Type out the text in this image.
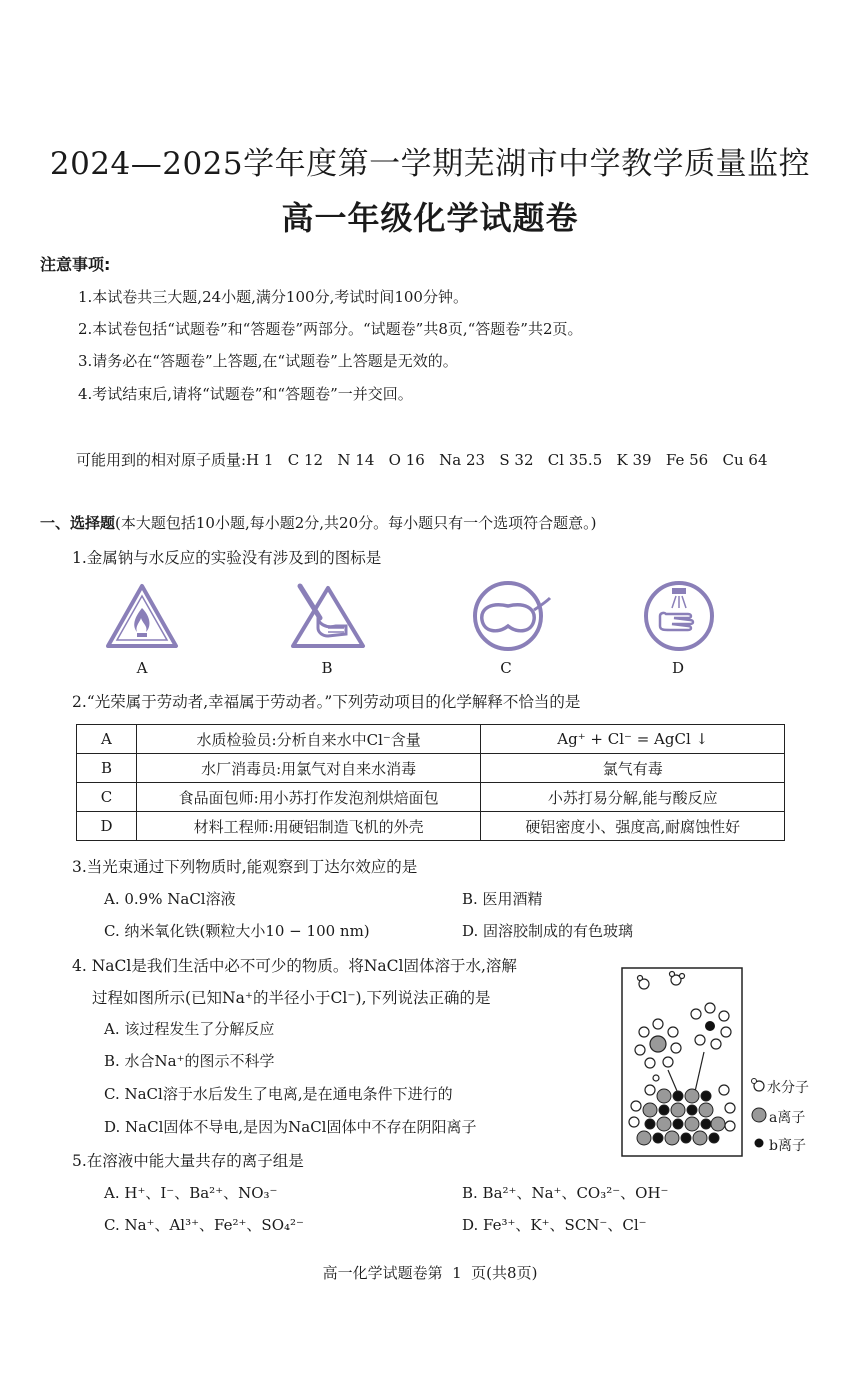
2024—2025学年度第一学期芜湖市中学教学质量监控
高一年级化学试题卷
注意事项:
1.本试卷共三大题,24小题,满分100分,考试时间100分钟。
2.本试卷包括“试题卷”和“答题卷”两部分。“试题卷”共8页,“答题卷”共2页。
3.请务必在“答题卷”上答题,在“试题卷”上答题是无效的。
4.考试结束后,请将“试题卷”和“答题卷”一并交回。
可能用到的相对原子质量:H 1   C 12   N 14   O 16   Na 23   S 32   Cl 35.5   K 39   Fe 56   Cu 64
一、选择题(本大题包括10小题,每小题2分,共20分。每小题只有一个选项符合题意。)
1.金属钠与水反应的实验没有涉及到的图标是
A	B	C	D
2.“光荣属于劳动者,幸福属于劳动者。”下列劳动项目的化学解释不恰当的是
A	水质检验员:分析自来水中Cl⁻含量	Ag⁺ + Cl⁻ = AgCl ↓
B	水厂消毒员:用氯气对自来水消毒	氯气有毒
C	食品面包师:用小苏打作发泡剂烘焙面包	小苏打易分解,能与酸反应
D	材料工程师:用硬铝制造飞机的外壳	硬铝密度小、强度高,耐腐蚀性好
3.当光束通过下列物质时,能观察到丁达尔效应的是
A. 0.9% NaCl溶液	B. 医用酒精
C. 纳米氧化铁(颗粒大小10 − 100 nm)	D. 固溶胶制成的有色玻璃
4. NaCl是我们生活中必不可少的物质。将NaCl固体溶于水,溶解
过程如图所示(已知Na⁺的半径小于Cl⁻),下列说法正确的是
A. 该过程发生了分解反应
B. 水合Na⁺的图示不科学
C. NaCl溶于水后发生了电离,是在通电条件下进行的
D. NaCl固体不导电,是因为NaCl固体中不存在阴阳离子
水分子
a离子
b离子
5.在溶液中能大量共存的离子组是
A. H⁺、I⁻、Ba²⁺、NO₃⁻	B. Ba²⁺、Na⁺、CO₃²⁻、OH⁻
C. Na⁺、Al³⁺、Fe²⁺、SO₄²⁻	D. Fe³⁺、K⁺、SCN⁻、Cl⁻
高一化学试题卷第  1  页(共8页)
